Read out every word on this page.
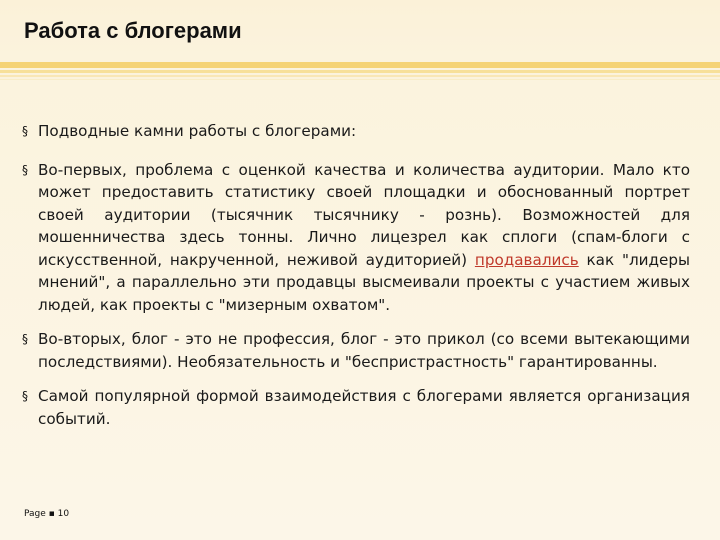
Работа с блогерами
§ Подводные камни работы с блогерами:
§ Во-первых, проблема с оценкой качества и количества аудитории. Мало кто может предоставить статистику своей площадки и обоснованный портрет своей аудитории (тысячник тысячнику - рознь). Возможностей для мошенничества здесь тонны. Лично лицезрел как сплоги (спам-блоги с искусственной, накрученной, неживой аудиторией) продавались как "лидеры мнений", а параллельно эти продавцы высмеивали проекты с участием живых людей, как проекты с "мизерным охватом".
§ Во-вторых, блог - это не профессия, блог - это прикол (со всеми вытекающими последствиями). Необязательность и "беспристрастность" гарантированны.
§ Самой популярной формой взаимодействия с блогерами является организация событий.
Page ▪ 10
